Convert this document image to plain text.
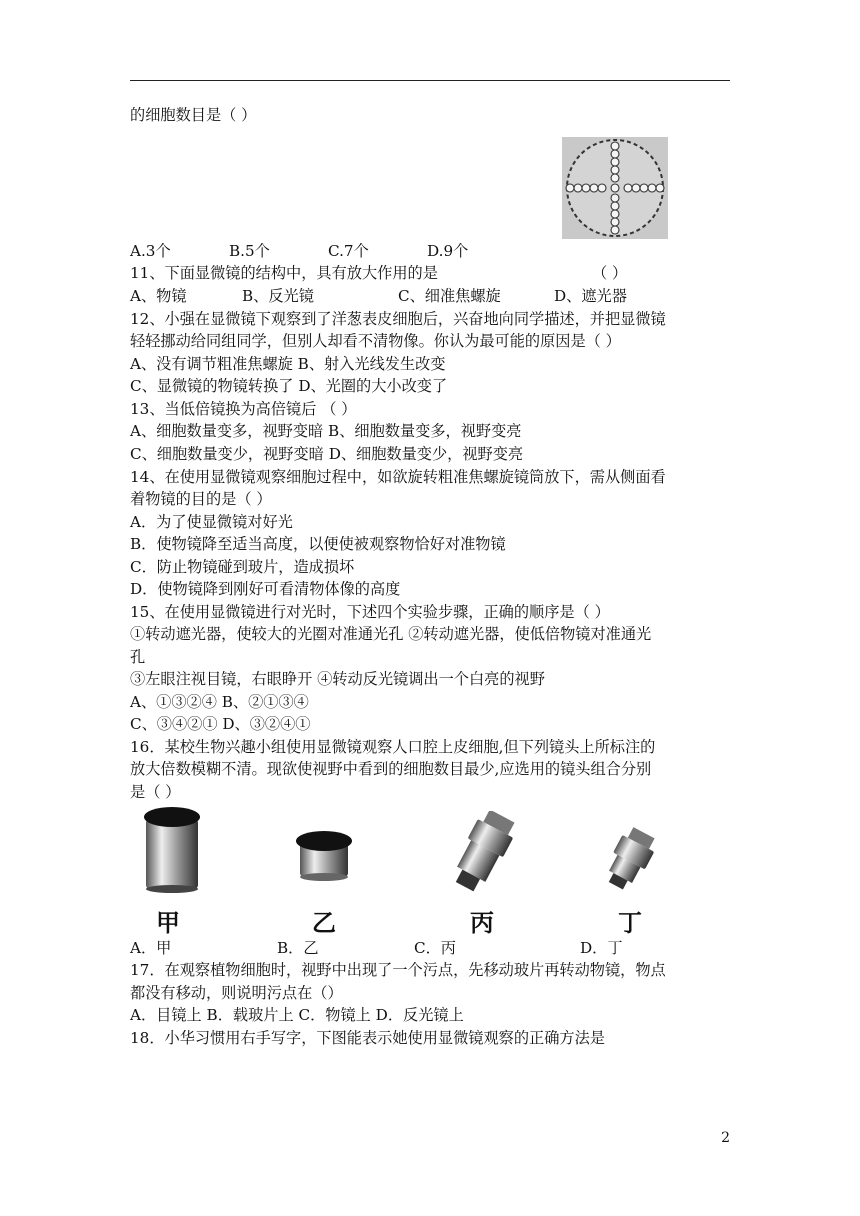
的细胞数目是（ ）
A.3个	B.5个	C.7个	D.9个
11、下面显微镜的结构中，具有放大作用的是	（ ）
A、物镜	B、反光镜	C、细准焦螺旋	D、遮光器
12、小强在显微镜下观察到了洋葱表皮细胞后，兴奋地向同学描述，并把显微镜
轻轻挪动给同组同学，但别人却看不清物像。你认为最可能的原因是（ ）
A、没有调节粗准焦螺旋 B、射入光线发生改变
C、显微镜的物镜转换了 D、光圈的大小改变了
13、当低倍镜换为高倍镜后 （ ）
A、细胞数量变多，视野变暗 B、细胞数量变多，视野变亮
C、细胞数量变少，视野变暗 D、细胞数量变少，视野变亮
14、在使用显微镜观察细胞过程中，如欲旋转粗准焦螺旋镜筒放下，需从侧面看
着物镜的目的是（ ）
A．为了使显微镜对好光
B．使物镜降至适当高度，以便使被观察物恰好对准物镜
C．防止物镜碰到玻片，造成损坏
D．使物镜降到刚好可看清物体像的高度
15、在使用显微镜进行对光时，下述四个实验步骤，正确的顺序是（ ）
①转动遮光器，使较大的光圈对准通光孔 ②转动遮光器，使低倍物镜对准通光
孔
③左眼注视目镜，右眼睁开 ④转动反光镜调出一个白亮的视野
A、①③②④ B、②①③④
C、③④②① D、③②④①
16．某校生物兴趣小组使用显微镜观察人口腔上皮细胞,但下列镜头上所标注的
放大倍数模糊不清。现欲使视野中看到的细胞数目最少,应选用的镜头组合分别
是（ ）
甲	乙	丙	丁
A．甲	B．乙	C．丙	D．丁
17．在观察植物细胞时，视野中出现了一个污点，先移动玻片再转动物镜，物点
都没有移动，则说明污点在（）
A．目镜上 B．载玻片上 C．物镜上 D．反光镜上
18．小华习惯用右手写字，下图能表示她使用显微镜观察的正确方法是
2
